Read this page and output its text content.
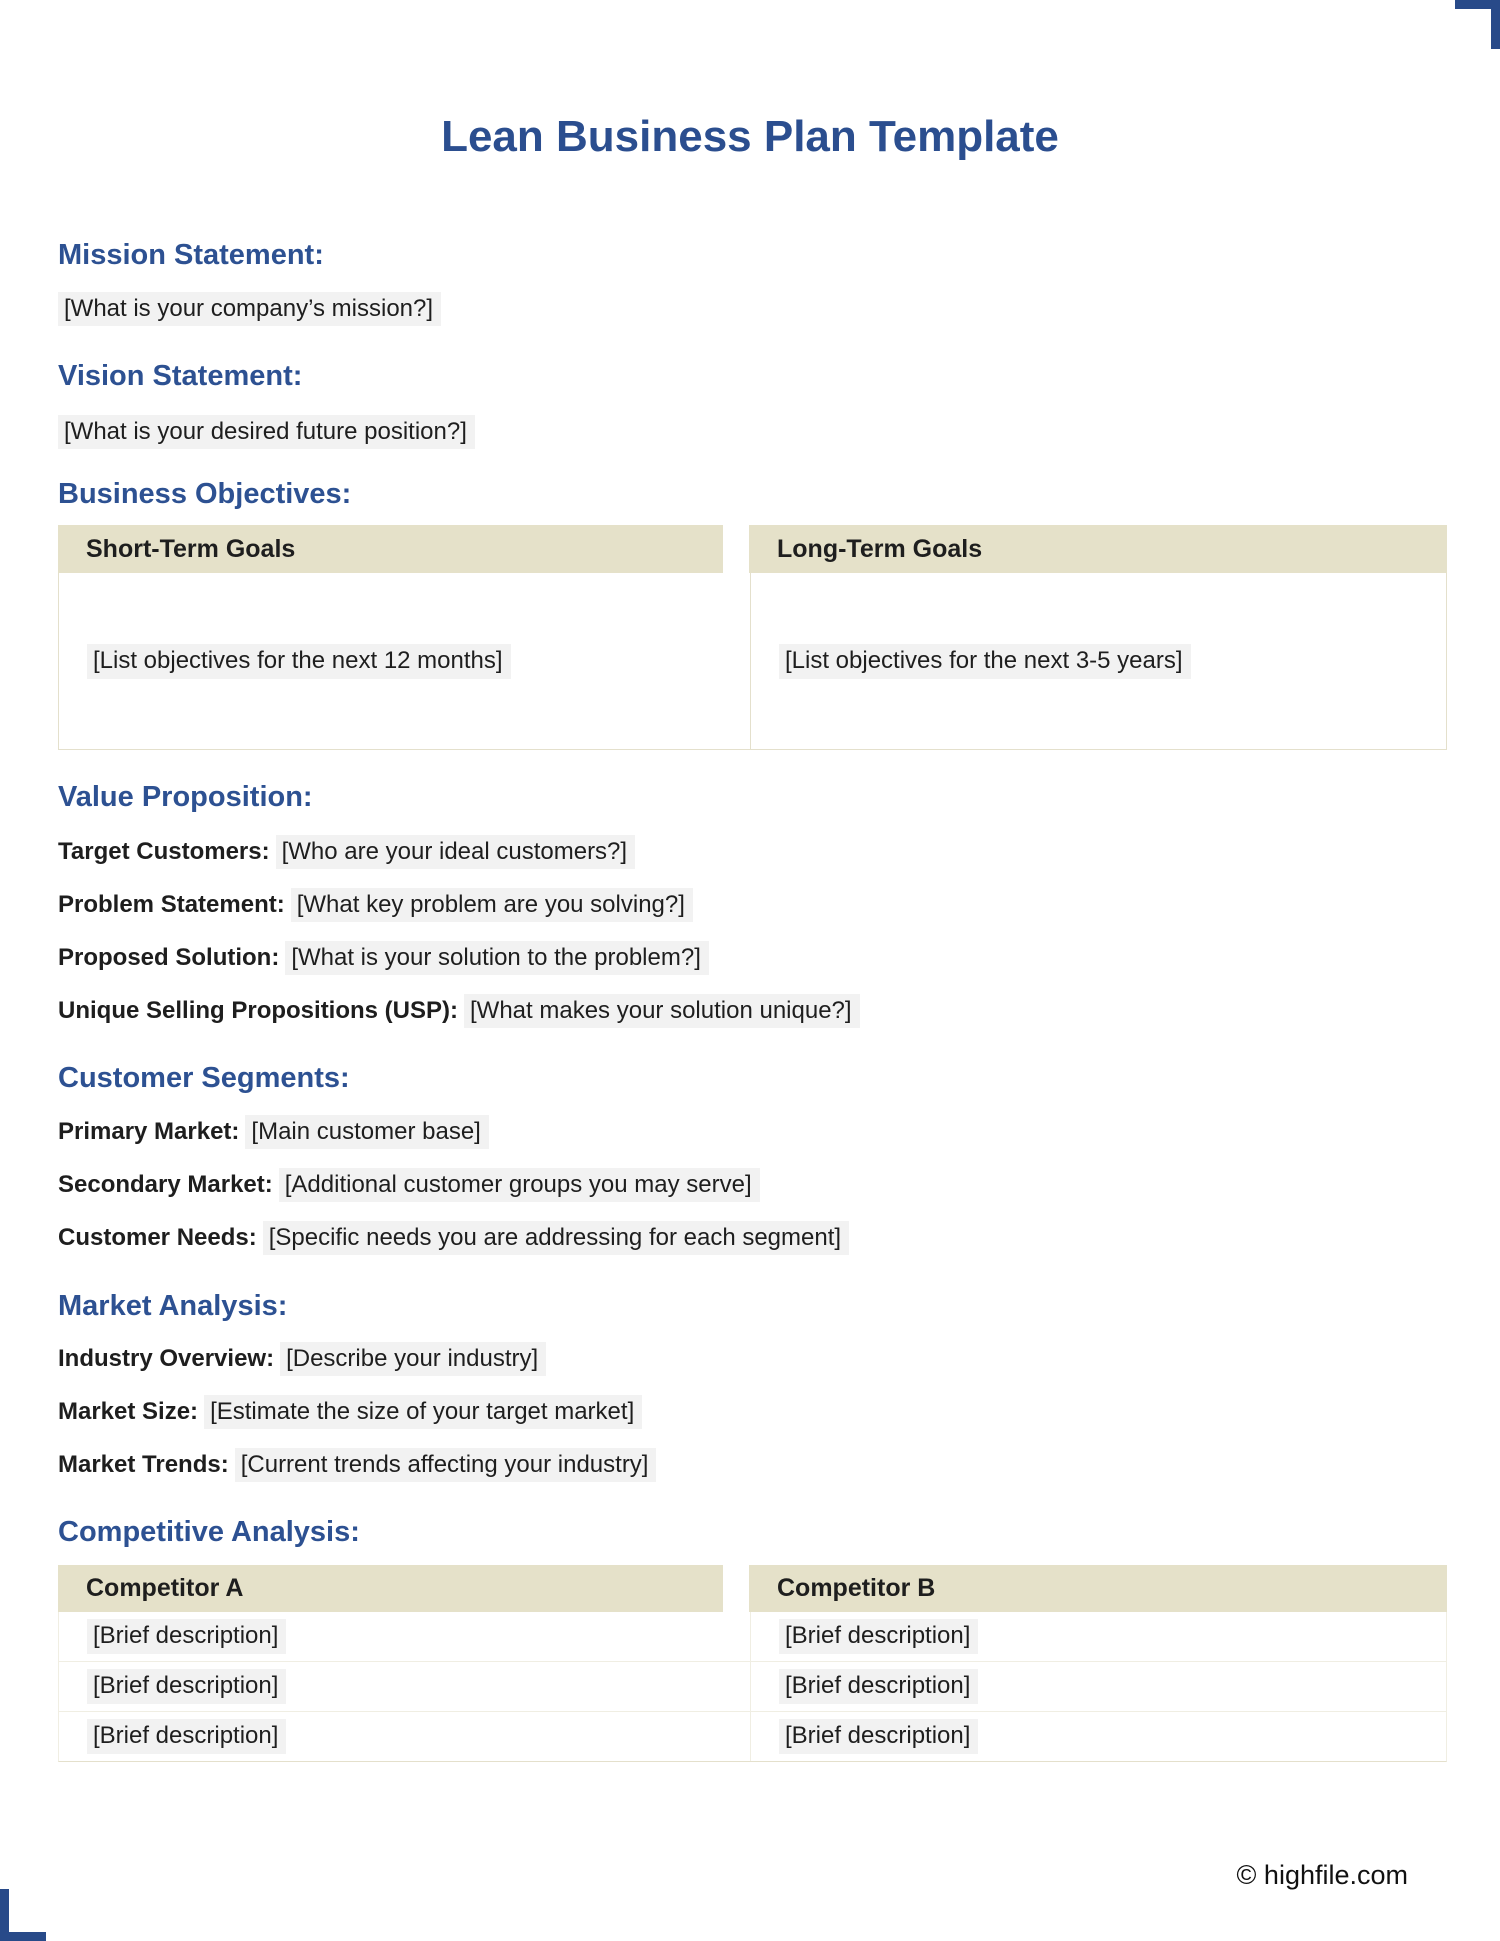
Lean Business Plan Template
Mission Statement:

[What is your company’s mission?]

Vision Statement:

[What is your desired future position?]

Business Objectives:
Short-Term Goals	Long-Term Goals
[List objectives for the next 12 months]	[List objectives for the next 3-5 years]
Value Proposition:

Target Customers: [Who are your ideal customers?]

Problem Statement: [What key problem are you solving?]

Proposed Solution: [What is your solution to the problem?]

Unique Selling Propositions (USP): [What makes your solution unique?]

Customer Segments:

Primary Market: [Main customer base]

Secondary Market: [Additional customer groups you may serve]

Customer Needs: [Specific needs you are addressing for each segment]

Market Analysis:

Industry Overview: [Describe your industry]

Market Size: [Estimate the size of your target market]

Market Trends: [Current trends affecting your industry]

Competitive Analysis:
Competitor A	Competitor B
[Brief description]	[Brief description]
[Brief description]	[Brief description]
[Brief description]	[Brief description]
© highfile.com
